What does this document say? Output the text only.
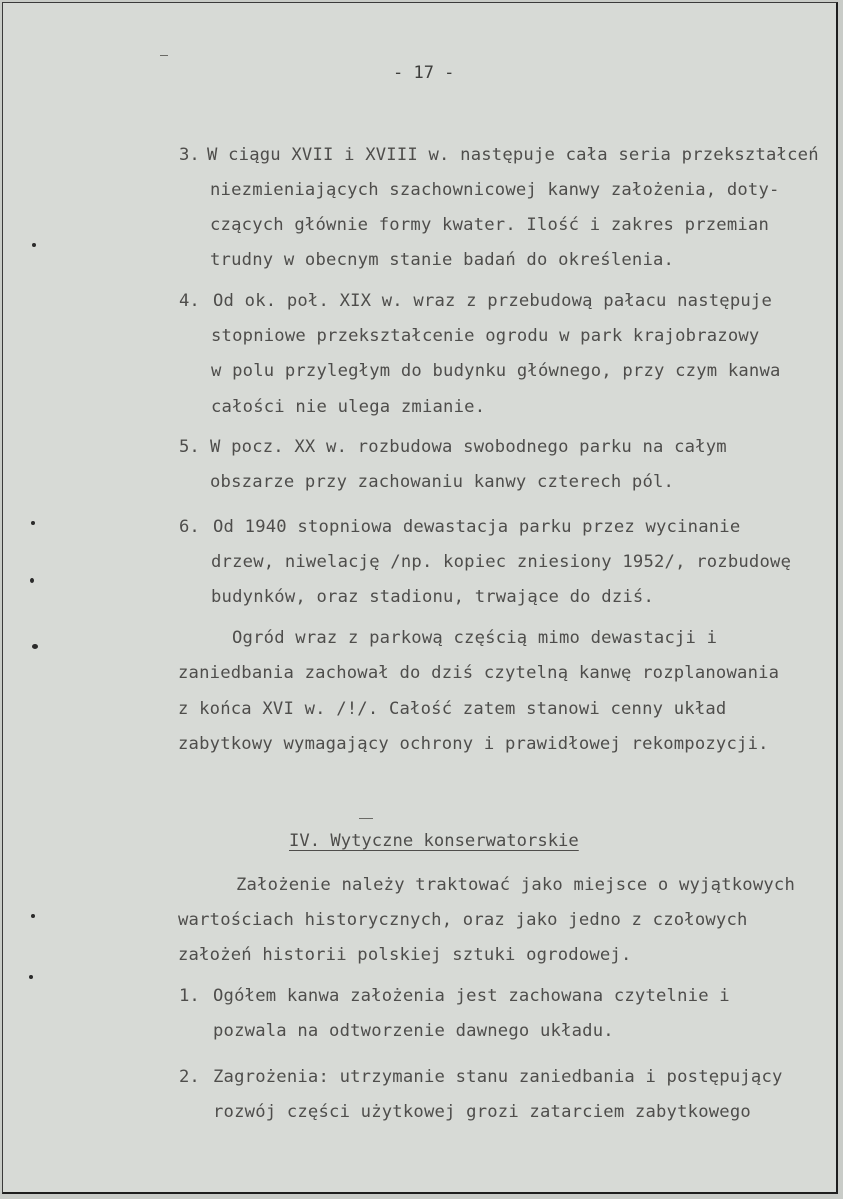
- 17 -
3. W ciągu XVII i XVIII w. następuje cała seria przekształceń
niezmieniających szachownicowej kanwy założenia, doty-
czących głównie formy kwater. Ilość i zakres przemian
trudny w obecnym stanie badań do określenia.
4. Od ok. poł. XIX w. wraz z przebudową pałacu następuje
stopniowe przekształcenie ogrodu w park krajobrazowy
w polu przyległym do budynku głównego, przy czym kanwa
całości nie ulega zmianie.
5. W pocz. XX w. rozbudowa swobodnego parku na całym
obszarze przy zachowaniu kanwy czterech pól.
6. Od 1940 stopniowa dewastacja parku przez wycinanie
drzew, niwelację /np. kopiec zniesiony 1952/, rozbudowę
budynków, oraz stadionu, trwające do dziś.
Ogród wraz z parkową częścią mimo dewastacji i
zaniedbania zachował do dziś czytelną kanwę rozplanowania
z końca XVI w. /!/. Całość zatem stanowi cenny układ
zabytkowy wymagający ochrony i prawidłowej rekompozycji.
IV. Wytyczne konserwatorskie
Założenie należy traktować jako miejsce o wyjątkowych
wartościach historycznych, oraz jako jedno z czołowych
założeń historii polskiej sztuki ogrodowej.
1. Ogółem kanwa założenia jest zachowana czytelnie i
pozwala na odtworzenie dawnego układu.
2. Zagrożenia: utrzymanie stanu zaniedbania i postępujący
rozwój części użytkowej grozi zatarciem zabytkowego
